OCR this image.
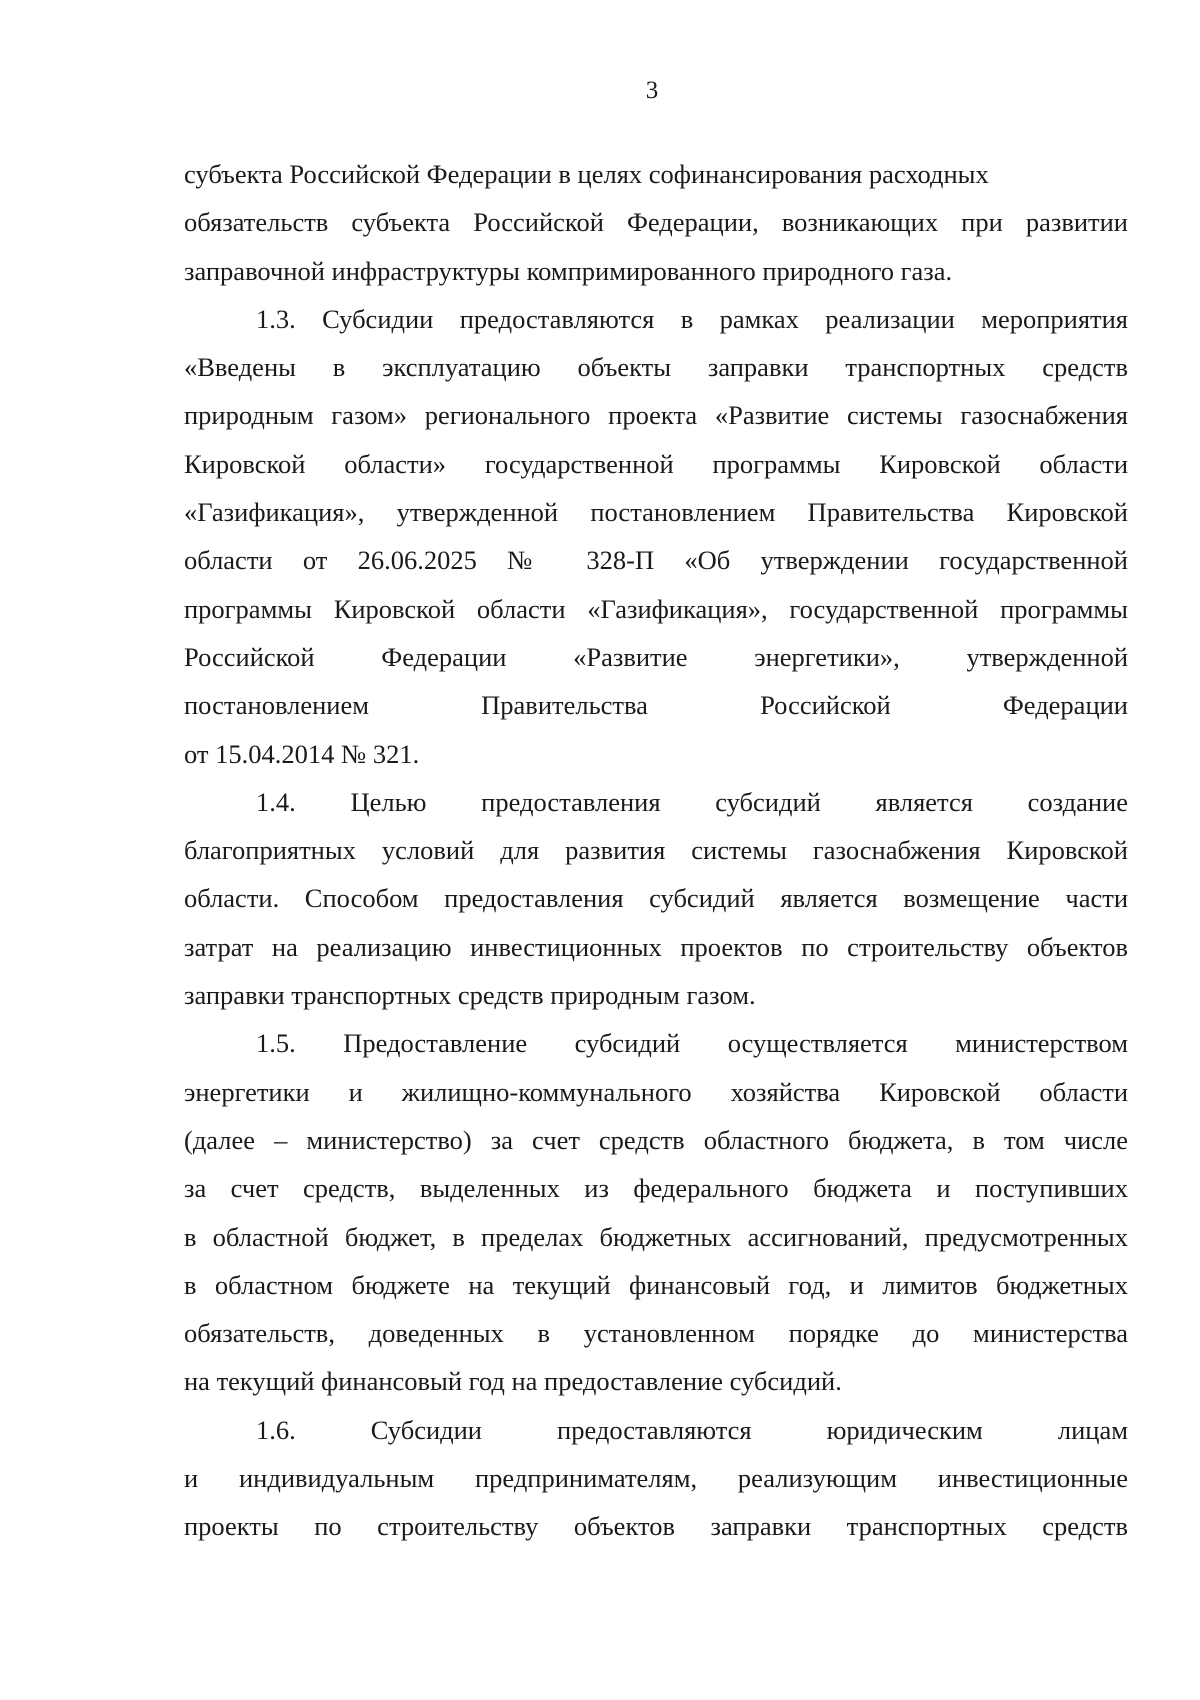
3
субъекта Российской Федерации в целях софинансирования расходных
обязательств субъекта Российской Федерации, возникающих при развитии
заправочной инфраструктуры компримированного природного газа.
1.3. Субсидии предоставляются в рамках реализации мероприятия
«Введены в эксплуатацию объекты заправки транспортных средств
природным газом» регионального проекта «Развитие системы газоснабжения
Кировской области» государственной программы Кировской области
«Газификация», утвержденной постановлением Правительства Кировской
области от 26.06.2025 № 328-П «Об утверждении государственной
программы Кировской области «Газификация», государственной программы
Российской Федерации «Развитие энергетики», утвержденной
постановлением Правительства Российской Федерации
от 15.04.2014 № 321.
1.4. Целью предоставления субсидий является создание
благоприятных условий для развития системы газоснабжения Кировской
области. Способом предоставления субсидий является возмещение части
затрат на реализацию инвестиционных проектов по строительству объектов
заправки транспортных средств природным газом.
1.5. Предоставление субсидий осуществляется министерством
энергетики и жилищно-коммунального хозяйства Кировской области
(далее – министерство) за счет средств областного бюджета, в том числе
за счет средств, выделенных из федерального бюджета и поступивших
в областной бюджет, в пределах бюджетных ассигнований, предусмотренных
в областном бюджете на текущий финансовый год, и лимитов бюджетных
обязательств, доведенных в установленном порядке до министерства
на текущий финансовый год на предоставление субсидий.
1.6. Субсидии предоставляются юридическим лицам
и индивидуальным предпринимателям, реализующим инвестиционные
проекты по строительству объектов заправки транспортных средств
